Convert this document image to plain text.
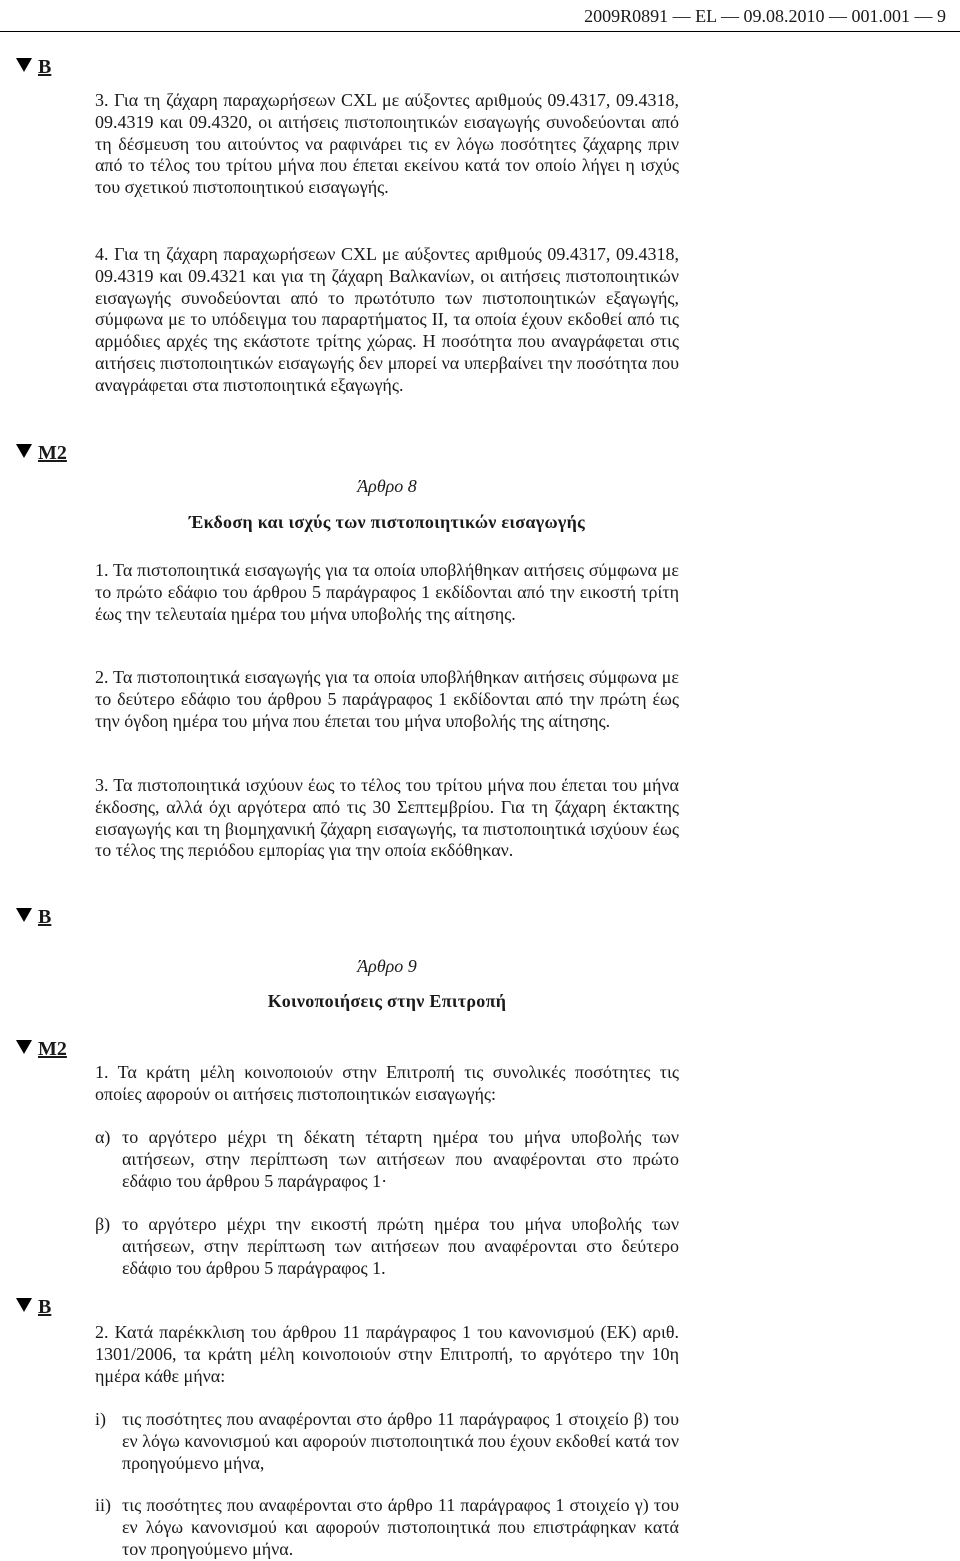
2009R0891 — EL — 09.08.2010 — 001.001 — 9
B

3. Για τη ζάχαρη παραχωρήσεων CXL με αύξοντες αριθμούς 09.4317, 09.4318, 09.4319 και 09.4320, οι αιτήσεις πιστοποιητικών εισαγωγής συνοδεύονται από τη δέσμευση του αιτούντος να ραφινάρει τις εν λόγω ποσότητες ζάχαρης πριν από το τέλος του τρίτου μήνα που έπεται εκείνου κατά τον οποίο λήγει η ισχύς του σχετικού πιστοποιητικού εισαγωγής.

4. Για τη ζάχαρη παραχωρήσεων CXL με αύξοντες αριθμούς 09.4317, 09.4318, 09.4319 και 09.4321 και για τη ζάχαρη Βαλκανίων, οι αιτήσεις πιστοποιητικών εισαγωγής συνοδεύονται από το πρωτότυπο των πιστοποιητικών εξαγωγής, σύμφωνα με το υπόδειγμα του παραρτήματος II, τα οποία έχουν εκδοθεί από τις αρμόδιες αρχές της εκάστοτε τρίτης χώρας. Η ποσότητα που αναγράφεται στις αιτήσεις πιστοποιητικών εισαγωγής δεν μπορεί να υπερβαίνει την ποσότητα που αναγράφεται στα πιστοποιητικά εξαγωγής.

M2
Άρθρο 8
Έκδοση και ισχύς των πιστοποιητικών εισαγωγής

1. Τα πιστοποιητικά εισαγωγής για τα οποία υποβλήθηκαν αιτήσεις σύμφωνα με το πρώτο εδάφιο του άρθρου 5 παράγραφος 1 εκδίδονται από την εικοστή τρίτη έως την τελευταία ημέρα του μήνα υποβολής της αίτησης.

2. Τα πιστοποιητικά εισαγωγής για τα οποία υποβλήθηκαν αιτήσεις σύμφωνα με το δεύτερο εδάφιο του άρθρου 5 παράγραφος 1 εκδίδονται από την πρώτη έως την όγδοη ημέρα του μήνα που έπεται του μήνα υποβολής της αίτησης.

3. Τα πιστοποιητικά ισχύουν έως το τέλος του τρίτου μήνα που έπεται του μήνα έκδοσης, αλλά όχι αργότερα από τις 30 Σεπτεμβρίου. Για τη ζάχαρη έκτακτης εισαγωγής και τη βιομηχανική ζάχαρη εισαγωγής, τα πιστοποιητικά ισχύουν έως το τέλος της περιόδου εμπορίας για την οποία εκδόθηκαν.

B
Άρθρο 9
Κοινοποιήσεις στην Επιτροπή
M2

1. Τα κράτη μέλη κοινοποιούν στην Επιτροπή τις συνολικές ποσότητες τις οποίες αφορούν οι αιτήσεις πιστοποιητικών εισαγωγής:

α) το αργότερο μέχρι τη δέκατη τέταρτη ημέρα του μήνα υποβολής των αιτήσεων, στην περίπτωση των αιτήσεων που αναφέρονται στο πρώτο εδάφιο του άρθρου 5 παράγραφος 1·
β) το αργότερο μέχρι την εικοστή πρώτη ημέρα του μήνα υποβολής των αιτήσεων, στην περίπτωση των αιτήσεων που αναφέρονται στο δεύτερο εδάφιο του άρθρου 5 παράγραφος 1.
B

2. Κατά παρέκκλιση του άρθρου 11 παράγραφος 1 του κανονισμού (ΕΚ) αριθ. 1301/2006, τα κράτη μέλη κοινοποιούν στην Επιτροπή, το αργότερο την 10η ημέρα κάθε μήνα:

i) τις ποσότητες που αναφέρονται στο άρθρο 11 παράγραφος 1 στοιχείο β) του εν λόγω κανονισμού και αφορούν πιστοποιητικά που έχουν εκδοθεί κατά τον προηγούμενο μήνα,
ii) τις ποσότητες που αναφέρονται στο άρθρο 11 παράγραφος 1 στοιχείο γ) του εν λόγω κανονισμού και αφορούν πιστοποιητικά που επιστράφηκαν κατά τον προηγούμενο μήνα.
